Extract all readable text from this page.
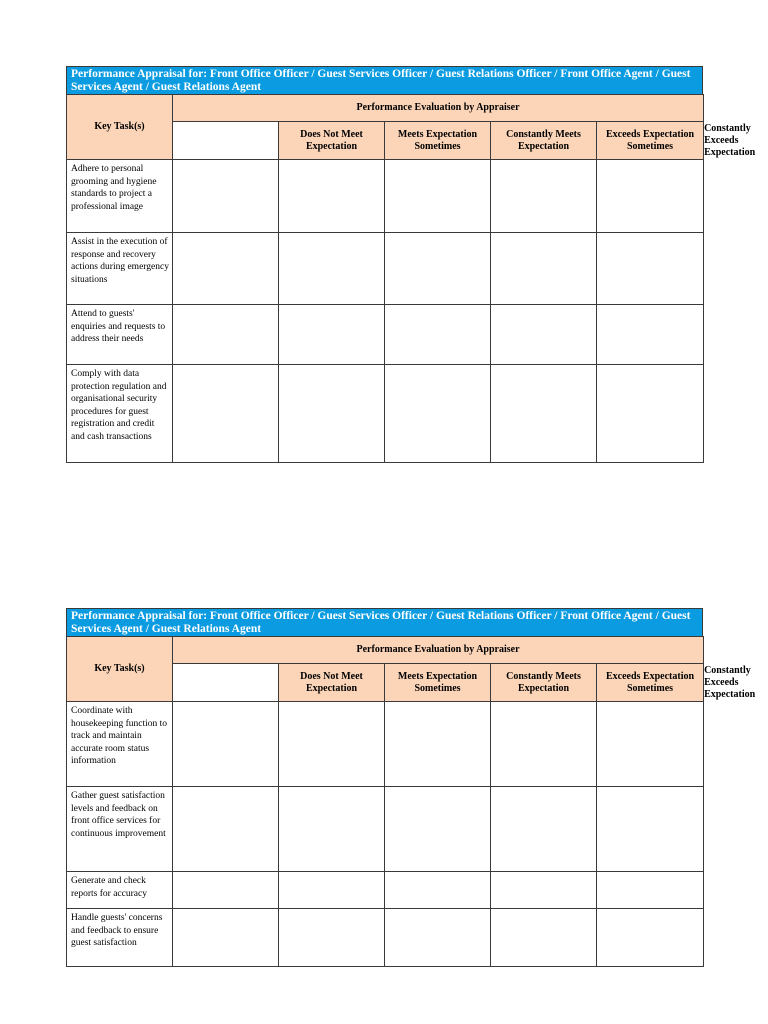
Performance Appraisal for: Front Office Officer / Guest Services Officer / Guest Relations Officer / Front Office Agent / Guest Services Agent / Guest Relations Agent
Key Task(s)	Performance Evaluation by Appraiser					
		Does Not Meet Expectation	Meets Expectation Sometimes	Constantly Meets Expectation	Exceeds Expectation Sometimes	Constantly Exceeds Expectation
Adhere to personal grooming and hygiene standards to project a professional image						
Assist in the execution of response and recovery actions during emergency situations						
Attend to guests' enquiries and requests to address their needs						
Comply with data protection regulation and organisational security procedures for guest registration and credit and cash transactions						
Performance Appraisal for: Front Office Officer / Guest Services Officer / Guest Relations Officer / Front Office Agent / Guest Services Agent / Guest Relations Agent
Key Task(s)	Performance Evaluation by Appraiser					
		Does Not Meet Expectation	Meets Expectation Sometimes	Constantly Meets Expectation	Exceeds Expectation Sometimes	Constantly Exceeds Expectation
Coordinate with housekeeping function to track and maintain accurate room status information						
Gather guest satisfaction levels and feedback on front office services for continuous improvement						
Generate and check reports for accuracy						
Handle guests' concerns and feedback to ensure guest satisfaction						
